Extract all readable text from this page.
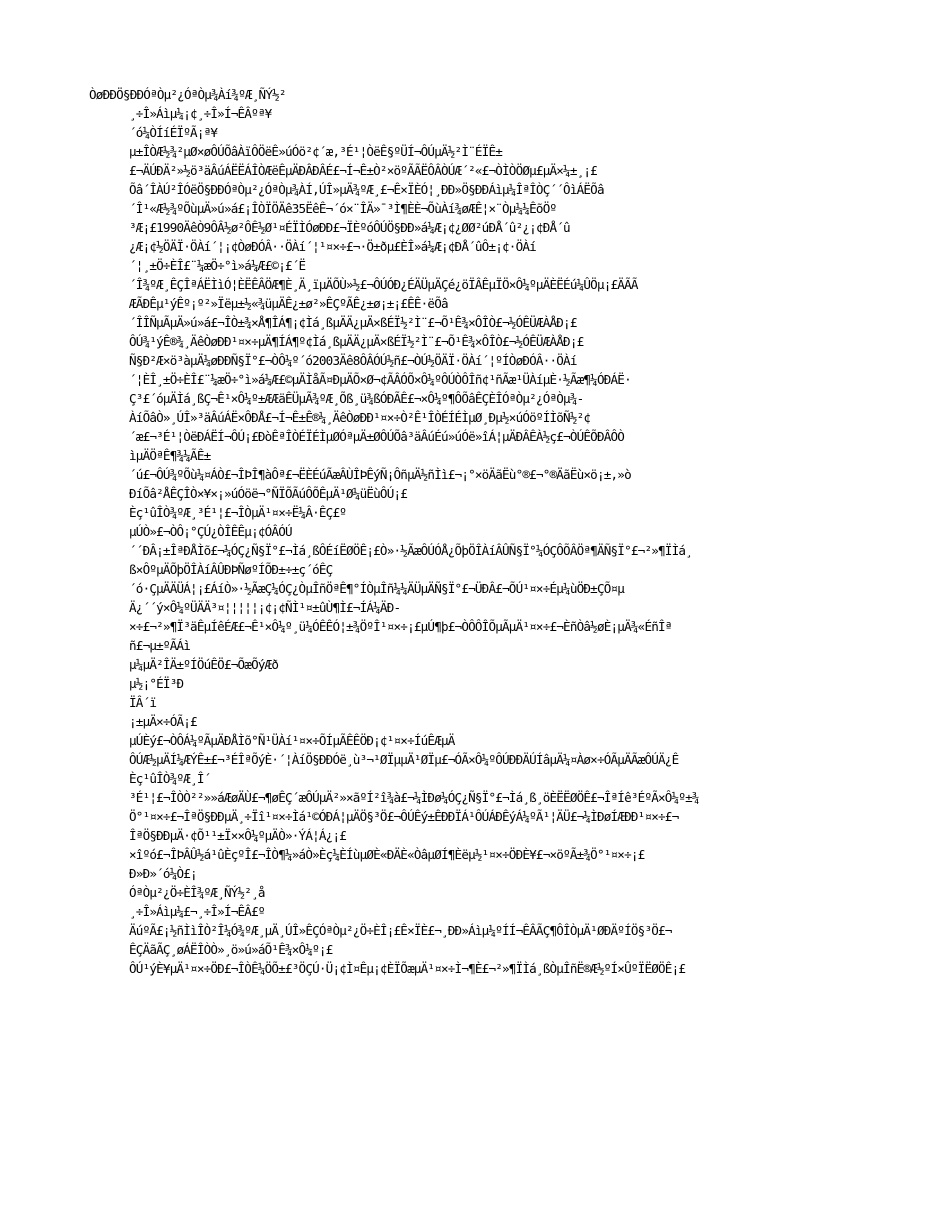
ÒøÐÐÖ§ÐÐÓªÒµ²¿ÓªÒµ¾Àí¾ºÆ¸ÑÝ½²
¸÷Î»Áìµ¼¡¢¸÷Î»Í¬ÊÂºª¥
´ó¼ÒÍíÉÏºÃ¡ª¥
µ±ÎÒÆ½¾²µØ×øÔÚÕâÀïÔÖëÊ»úÓö²¢´æ,³É¹¦ÒëÊ§ºÜÍ¬ÔÚµÄ½²Ì¨ÉÏÊ±
£¬ÄÚÐÄ²»½ö³äÂúÁËËÁÎÒÆëÊµÄÐÂÐÂÉ£¬Í¬Ê±Ò²×öºÃÃËÔÂÒÚÆ´²«£¬ÒÌÒÖØµ£µÄ×¼±¸¡£
Õâ´ÎÀÚ²ÎÓëÖ§ÐÐÓªÒµ²¿ÓªÒµ¾ÀÍ,ÚÎ»µÄ¾ºÆ¸£¬Ê×ÏÈÓ¦¸ÐÐ»Ö§ÐÐÁìµ¼ÎªÎÒÇ´´ÔìÁËÕâ
´Î¹«Æ½¾ºÕùµÄ»ú»á£¡ÎÒÏÖÄê35ËêÊ¬´ó×¨ÎÄ»¯³Ì¶ÈÈ¬ÕùÀí¾øÆÊ¦×¨Òµ¼¼ÊõÖº
³Æ¡£1990ÄêÒ9ÔÂ½ø²ÔÊ½Ø¹¤ÉÏÌÓøÐÐ£¬ÏÈºóÔÚÖ§ÐÐ»á¼Æ¡¢¿ØØ²úÐÅ´û²¿¡¢ÐÅ´û
¿Æ¡¢½ÖÄÏ·ÖÀí´¦¡¢ÒøÐÓÂ··ÖÀí´¦¹¤×÷£¬·Ö±ðµ£ÈÎ»á¼Æ¡¢ÐÅ´ûÔ±¡¢·ÖÀí
´¦¸±Ö÷ÈÎ£¨¼æÖ÷°ì»á¼Æ£©¡£´Ë
´Î¾ºÆ¸ÊÇÎªÁËÌìÓ¦ÈËÊÂÖÆ¶È¸Ä¸ïµÄÕÙ»½£¬ÔÚÓÐ¿ÉÄÜµÄÇé¿öÏÂÊµÏÖ×Ô¼ºµÄÈËÉú¼ÛÖµ¡£ÄÃÃ
ÆÃÐÊµ¹ýÊº¡º²»Ïëµ±½«¾üµÄÊ¿±ø²»ÊÇºÃÊ¿±ø¡±¡£ÊÊ·ëÕâ
´ÎÎÑµÃµÄ»ú»á£¬ÎÒ±¾×Å¶ÎÁ¶¡¢Ìá¸ßµÄÄ¿µÄ×ßÉÏ½²Ì¨£¬Õ¹Ê¾×ÔÎÒ£¬½ÓÊÜÆÀÅÐ¡£
ÔÚ¾¹ýÊ®¾¸ÄêÒøÐÐ¹¤×÷µÄ¶ÍÁ¶º¢Ìá¸ßµÄÄ¿µÄ×ßÉÏ½²Ì¨£¬Õ¹Ê¾×ÔÎÒ£¬½ÓÊÜÆÀÅÐ¡£
Ñ§Ð²Æ×ö³àµÄ¼øÐÐÑ§Ï°£¬ÒÔ¼º´ó2003Äê8ÔÂÓÚ½ñ£¬ÒÚ½ÖÄÏ·ÖÀí´¦ºÍÒøÐÓÂ··ÖÀí
´¦ÈÎ¸±Ö÷ÈÎ£¨¼æÖ÷°ì»á¼Æ£©µÄÌåÃ¤ÐµÄÕ×Ø¬¢ÃÂÓÕ×Ô¼ºÔÚÒÔÎñ¢¹ñÃæ¹ÜÀíµÈ·½Ãæ¶¼ÓÐÁË·
Ç³£´óµÄÌá¸ßÇ¬Ê¹×Ô¼º±ÆÆäÊÜµÃ¾ºÆ¸Õß¸ü¾ßÓÐÃÊ£¬×Ô¼º¶ÔÕâÊÇÈÎÓªÒµ²¿ÓªÒµ¾-
ÀíÕâÒ»¸ÚÎ»³äÂúÁË×ÔÐÅ£¬Í¬Ê±Ê®¼¸ÄêÒøÐÐ¹¤×÷Ò²Ê¹ÎÒÉÍÉÌµØ¸Ðµ½×úÓöºÍÌõÑ½²¢
´æ£¬³É¹¦ÒëÐÁËÍ¬ÔÚ¡£ÐòÊªÎÒÉÏÉÌµØÓªµÄ±ØÔÚÕâ³äÂúÉú»úÓë»îÁ¦µÄÐÂÊÀ½ç£¬ÒÚÊÕÐÂÔÒ
ìµÄÖªÊ¶¾¼ÃÊ±
´ú£¬ÔÚ¾ºÕù¼¤ÁÒ£¬ÎÞÎ¶àÔª£¬ËÈÉúÃæÂÙÎÞÊýÑ¡ÔñµÄ½ñÌì£¬¡°×öÄãËù°®£¬°®ÄãËù×ö¡±,»ò
ÐíÕâ²ÅÊÇÎÒ×¥×¡»úÓöë¬°ÑÏÕÃúÔÕÊµÄ¹Ø¼üËùÔÚ¡£
Èç¹ûÎÒ¾ºÆ¸³É¹¦£¬ÎÒµÄ¹¤×÷Ë¼Â·ÊÇ£º
µÚÒ»£¬ÒÔ¡°ÇÚ¿ÒÎÊÊµ¡¢ÓÂÓÚ
´´ÐÂ¡±ÎªÐÅÌõ£¬¼ÓÇ¿Ñ§Ï°£¬Ìá¸ßÔÉíËØÖÊ¡£Ò»·½ÃæÔÚÓÅ¿ÕþÖÎÀíÂÛÑ§Ï°¼ÓÇÔÕÂÖª¶ÄÑ§Ï°£¬²»¶ÏÌá¸
ß×ÔºµÄÕþÖÎÀíÂÛÐÞÑøºÍÕÐ±÷±ç´óÊÇ
´ó·ÇµÄÄÜÁ¦¡£ÁíÒ»·½ÃæÇ¼ÓÇ¿ÒµÎñÖªÊ¶°ÍÒµÎñ¼¼ÄÜµÄÑ§Ï°£¬ÜÐÂ£¬ÕÚ¹¤×÷Éµ¼ùÖÐ±ÇÕ¤µ
Ä¿´´ý×Ô¼ºÜÄÄ³¤¦¦¦¦¦¡¢¡¢ÑÌ¹¤±ûÙ¶Ì£¬ÍÁ¼ÄÐ-
×÷£¬²»¶Ï³äÊµÍêÉÆ£¬Ê¹×Ô¼º¸ü¼ÓÊÊÓ¦±¾ÖºÎ¹¤×÷¡£µÚ¶þ£¬ÒÔÔÎÕµÃµÄ¹¤×÷£¬ÈñÒâ½øÈ¡µÄ¾«ÉñÎª
ñ£¬µ±ºÃÁì
µ¼µÄ²ÎÄ±ºÍÖúÊÖ£¬ÕæÕýÆð
µ½¡°ÉÏ³Ð
ÏÂ´ï
¡±µÄ×÷ÓÃ¡£
µÚÈý£¬ÒÔÁ¼ºÃµÄÐÅÌõ°Ñ¹ÜÀí¹¤×÷ÕÍµÃÊÊÖÐ¡¢¹¤×÷ÍúÊÆµÄ
ÔÚÆ½µÄÍ¼ÆÝÊ±£¬³ÉÎªÕýÈ·´¦ÀíÖ§ÐÐÓë¸ù³¬¹ØÏµµÄ¹ØÏµ£¬ÓÃ×Ô¼ºÔÚÐÐÄÚÍâµÄ¼¤Àø×÷ÓÃµÄÃæÔÚÄ¿Ê
Èç¹ûÎÒ¾ºÆ¸Î´
³É¹¦£¬ÎÒÒ²²»»áÆøÄÙ£¬¶øÊÇ´æÔÚµÄ²»×ãºÍ²î¾à£¬¼ÌÐø¼ÓÇ¿Ñ§Ï°£¬Ìá¸ß¸öÈËËØÖÊ£¬ÎªÍê³ÉºÃ×Ô¼º±¾
Ö°¹¤×÷£¬ÎªÖ§ÐÐµÄ¸÷Ïî¹¤×÷Ìá¹©ÓÐÁ¦µÄÖ§³Ö£¬ÔÚÊý±ÊÐÐÏÁ¹ÔÚÁÐÊýÁ¼ºÃ¹¦ÄÜ£¬¼ÌÐøÍÆÐÐ¹¤×÷£¬
ÎªÖ§ÐÐµÄ·¢Õ¹¹±Ï××Ô¼ºµÄÒ»·ÝÁ¦Á¿¡£
×îºó£¬ÎÞÂÛ½á¹ûÈçºÎ£¬ÎÒ¶¼»áÒ»Èç¼ÈÍùµØÈ«ÐÄÈ«ÒâµØÍ¶Èëµ½¹¤×÷ÖÐÈ¥£¬×öºÃ±¾Ö°¹¤×÷¡£
Ð»Ð»´ó¼Ò£¡
ÓªÒµ²¿Ö÷ÈÎ¾ºÆ¸ÑÝ½²¸å
¸÷Î»Áìµ¼£¬¸÷Î»Í¬ÊÂ£º
ÄúºÃ£¡½ñÌìÎÒ²Î¼Ó¾ºÆ¸µÄ¸ÚÎ»ÊÇÓªÒµ²¿Ö÷ÈÎ¡£Ê×ÏÈ£¬¸ÐÐ»Áìµ¼ºÍÍ¬ÊÂÃÇ¶ÔÎÒµÄ¹ØÐÄºÍÖ§³Ö£¬
ÊÇÄãÃÇ¸øÁËÎÒÒ»¸ö»ú»áÕ¹Ê¾×Ô¼º¡£
ÔÚ¹ýÈ¥µÄ¹¤×÷ÖÐ£¬ÎÒÊ¼ÖÕ±£³ÖÇÚ·Ü¡¢Ì¤Êµ¡¢ÈÏÕæµÄ¹¤×÷Ì¬¶È£¬²»¶ÏÌá¸ßÒµÎñË®Æ½ºÍ×ÛºÏËØÖÊ¡£
